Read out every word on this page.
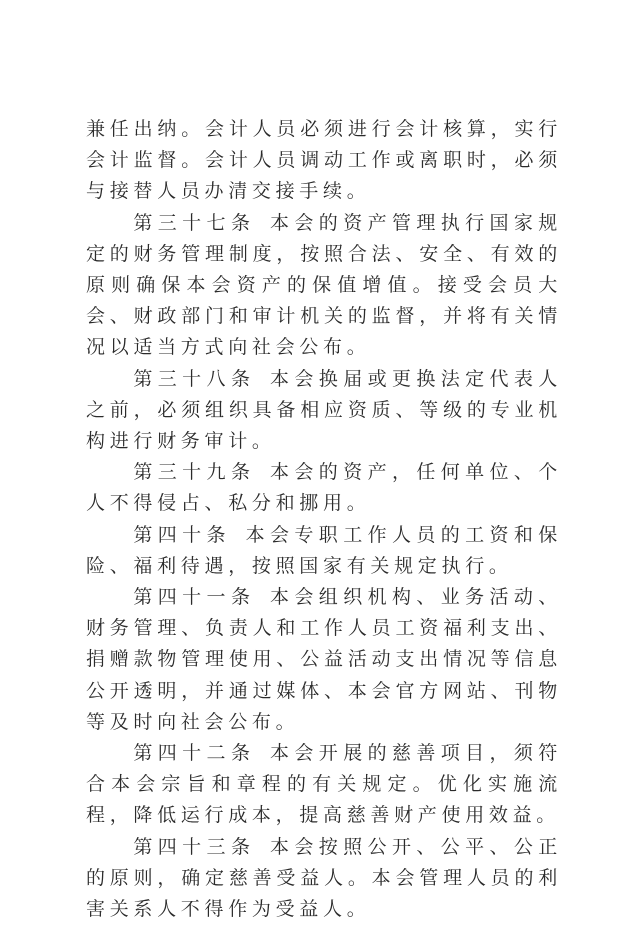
兼任出纳。会计人员必须进行会计核算，实行会计监督。会计人员调动工作或离职时，必须与接替人员办清交接手续。

第三十七条 本会的资产管理执行国家规定的财务管理制度，按照合法、安全、有效的原则确保本会资产的保值增值。接受会员大会、财政部门和审计机关的监督，并将有关情况以适当方式向社会公布。

第三十八条 本会换届或更换法定代表人之前，必须组织具备相应资质、等级的专业机构进行财务审计。

第三十九条 本会的资产，任何单位、个人不得侵占、私分和挪用。

第四十条 本会专职工作人员的工资和保险、福利待遇，按照国家有关规定执行。

第四十一条 本会组织机构、业务活动、财务管理、负责人和工作人员工资福利支出、捐赠款物管理使用、公益活动支出情况等信息公开透明，并通过媒体、本会官方网站、刊物等及时向社会公布。

第四十二条 本会开展的慈善项目，须符合本会宗旨和章程的有关规定。优化实施流程，降低运行成本，提高慈善财产使用效益。

第四十三条 本会按照公开、公平、公正的原则，确定慈善受益人。本会管理人员的利害关系人不得作为受益人。
